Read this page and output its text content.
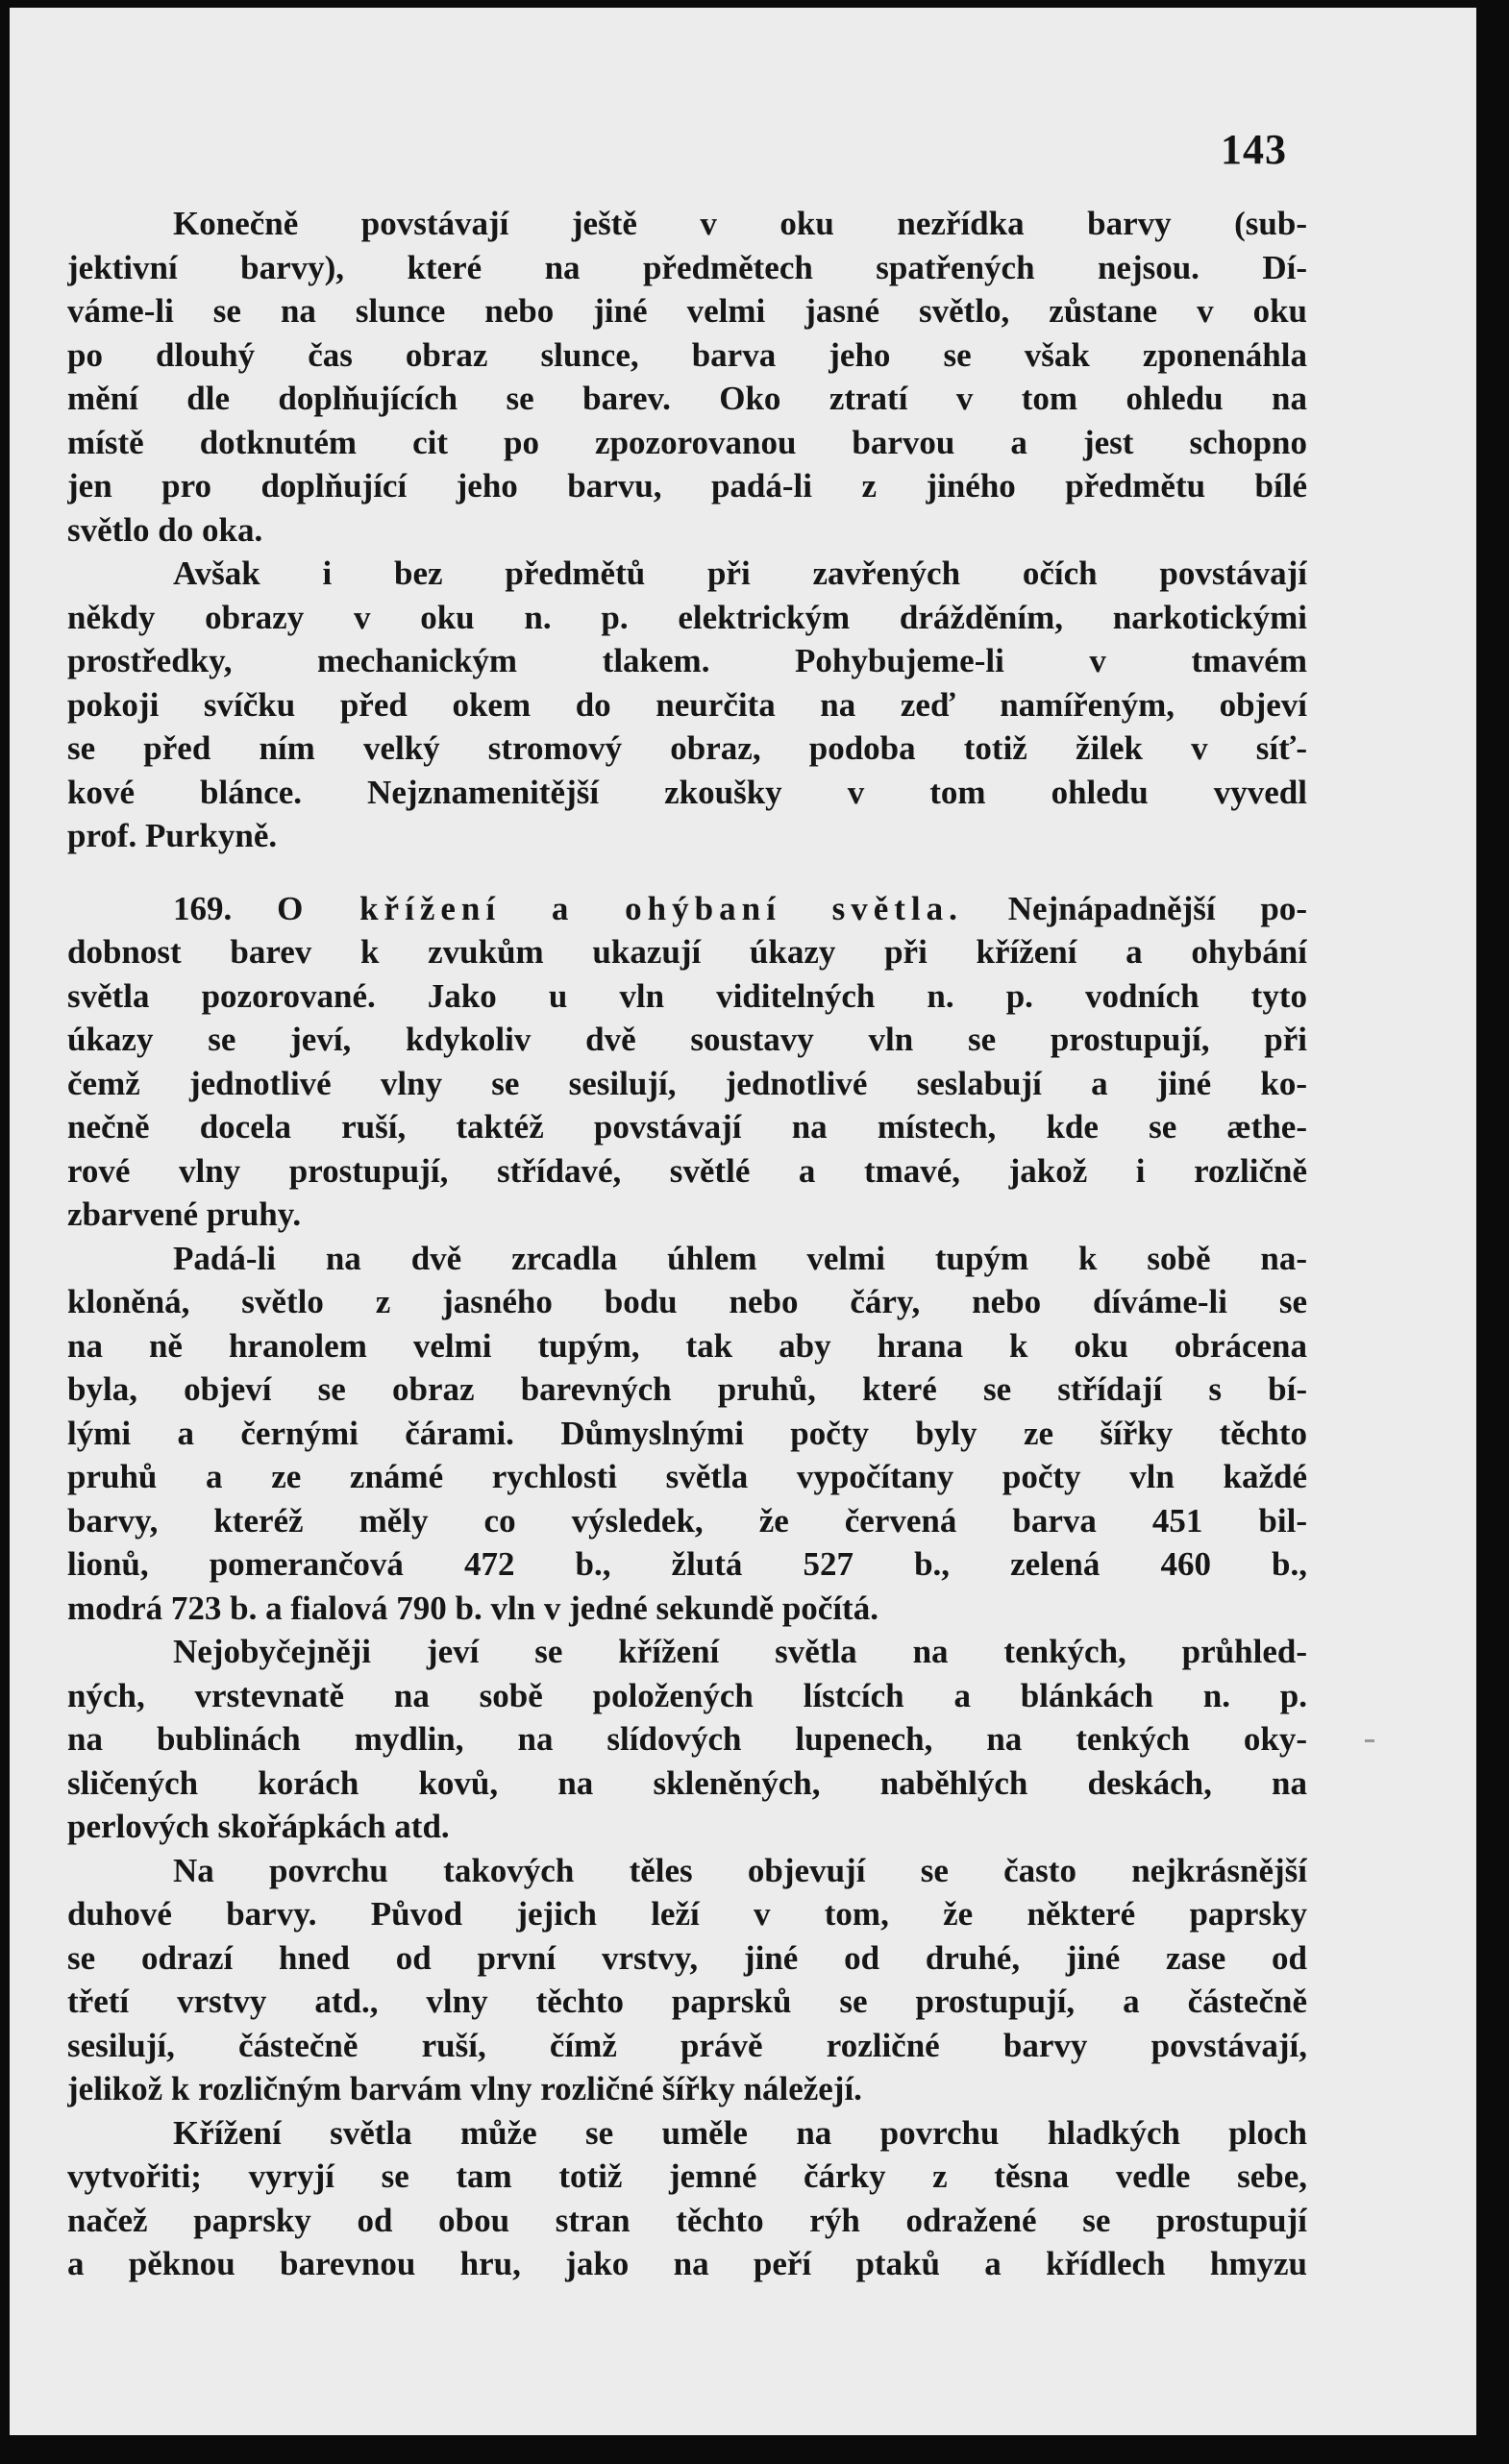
143
Konečně povstávají ještě v oku nezřídka barvy (sub-
jektivní barvy), které na předmětech spatřených nejsou. Dí-
váme-li se na slunce nebo jiné velmi jasné světlo, zůstane v oku
po dlouhý čas obraz slunce, barva jeho se však zponenáhla
mění dle doplňujících se barev. Oko ztratí v tom ohledu na
místě dotknutém cit po zpozorovanou barvou a jest schopno
jen pro doplňující jeho barvu, padá-li z jiného předmětu bílé
světlo do oka.
Avšak i bez předmětů při zavřených očích povstávají
někdy obrazy v oku n. p. elektrickým drážděním, narkotickými
prostředky, mechanickým tlakem. Pohybujeme-li v tmavém
pokoji svíčku před okem do neurčita na zeď namířeným, objeví
se před ním velký stromový obraz, podoba totiž žilek v síť-
kové blánce. Nejznamenitější zkoušky v tom ohledu vyvedl
prof. Purkyně.
169. O křížení a ohýbaní světla. Nejnápadnější po-
dobnost barev k zvukům ukazují úkazy při křížení a ohybání
světla pozorované. Jako u vln viditelných n. p. vodních tyto
úkazy se jeví, kdykoliv dvě soustavy vln se prostupují, při
čemž jednotlivé vlny se sesilují, jednotlivé seslabují a jiné ko-
nečně docela ruší, taktéž povstávají na místech, kde se æthe-
rové vlny prostupují, střídavé, světlé a tmavé, jakož i rozličně
zbarvené pruhy.
Padá-li na dvě zrcadla úhlem velmi tupým k sobě na-
kloněná, světlo z jasného bodu nebo čáry, nebo díváme-li se
na ně hranolem velmi tupým, tak aby hrana k oku obrácena
byla, objeví se obraz barevných pruhů, které se střídají s bí-
lými a černými čárami. Důmyslnými počty byly ze šířky těchto
pruhů a ze známé rychlosti světla vypočítany počty vln každé
barvy, kteréž měly co výsledek, že červená barva 451 bil-
lionů, pomerančová 472 b., žlutá 527 b., zelená 460 b.,
modrá 723 b. a fialová 790 b. vln v jedné sekundě počítá.
Nejobyčejněji jeví se křížení světla na tenkých, průhled-
ných, vrstevnatě na sobě položených lístcích a blánkách n. p.
na bublinách mydlin, na slídových lupenech, na tenkých oky-
sličených korách kovů, na skleněných, naběhlých deskách, na
perlových skořápkách atd.
Na povrchu takových těles objevují se často nejkrásnější
duhové barvy. Původ jejich leží v tom, že některé paprsky
se odrazí hned od první vrstvy, jiné od druhé, jiné zase od
třetí vrstvy atd., vlny těchto paprsků se prostupují, a částečně
sesilují, částečně ruší, čímž právě rozličné barvy povstávají,
jelikož k rozličným barvám vlny rozličné šířky náležejí.
Křížení světla může se uměle na povrchu hladkých ploch
vytvořiti; vyryjí se tam totiž jemné čárky z těsna vedle sebe,
načež paprsky od obou stran těchto rýh odražené se prostupují
a pěknou barevnou hru, jako na peří ptaků a křídlech hmyzu
